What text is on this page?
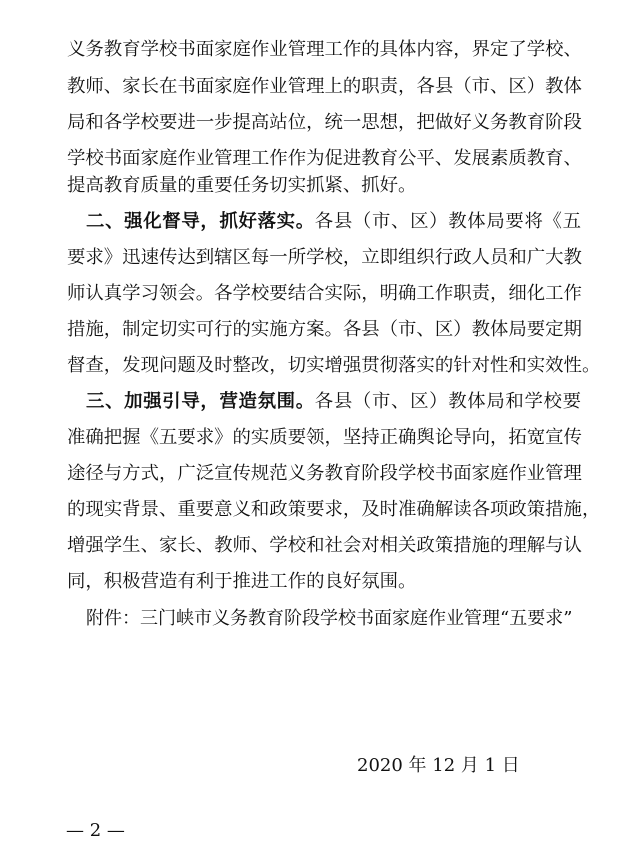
义务教育学校书面家庭作业管理工作的具体内容，界定了学校、
教师、家长在书面家庭作业管理上的职责，各县（市、区）教体
局和各学校要进一步提高站位，统一思想，把做好义务教育阶段
学校书面家庭作业管理工作作为促进教育公平、发展素质教育、
提高教育质量的重要任务切实抓紧、抓好。
二、强化督导，抓好落实。各县（市、区）教体局要将《五
要求》迅速传达到辖区每一所学校，立即组织行政人员和广大教
师认真学习领会。各学校要结合实际，明确工作职责，细化工作
措施，制定切实可行的实施方案。各县（市、区）教体局要定期
督查，发现问题及时整改，切实增强贯彻落实的针对性和实效性。
三、加强引导，营造氛围。各县（市、区）教体局和学校要
准确把握《五要求》的实质要领，坚持正确舆论导向，拓宽宣传
途径与方式，广泛宣传规范义务教育阶段学校书面家庭作业管理
的现实背景、重要意义和政策要求，及时准确解读各项政策措施，
增强学生、家长、教师、学校和社会对相关政策措施的理解与认
同，积极营造有利于推进工作的良好氛围。
附件：三门峡市义务教育阶段学校书面家庭作业管理“五要求”
2020 年 12 月 1 日
— 2 —
